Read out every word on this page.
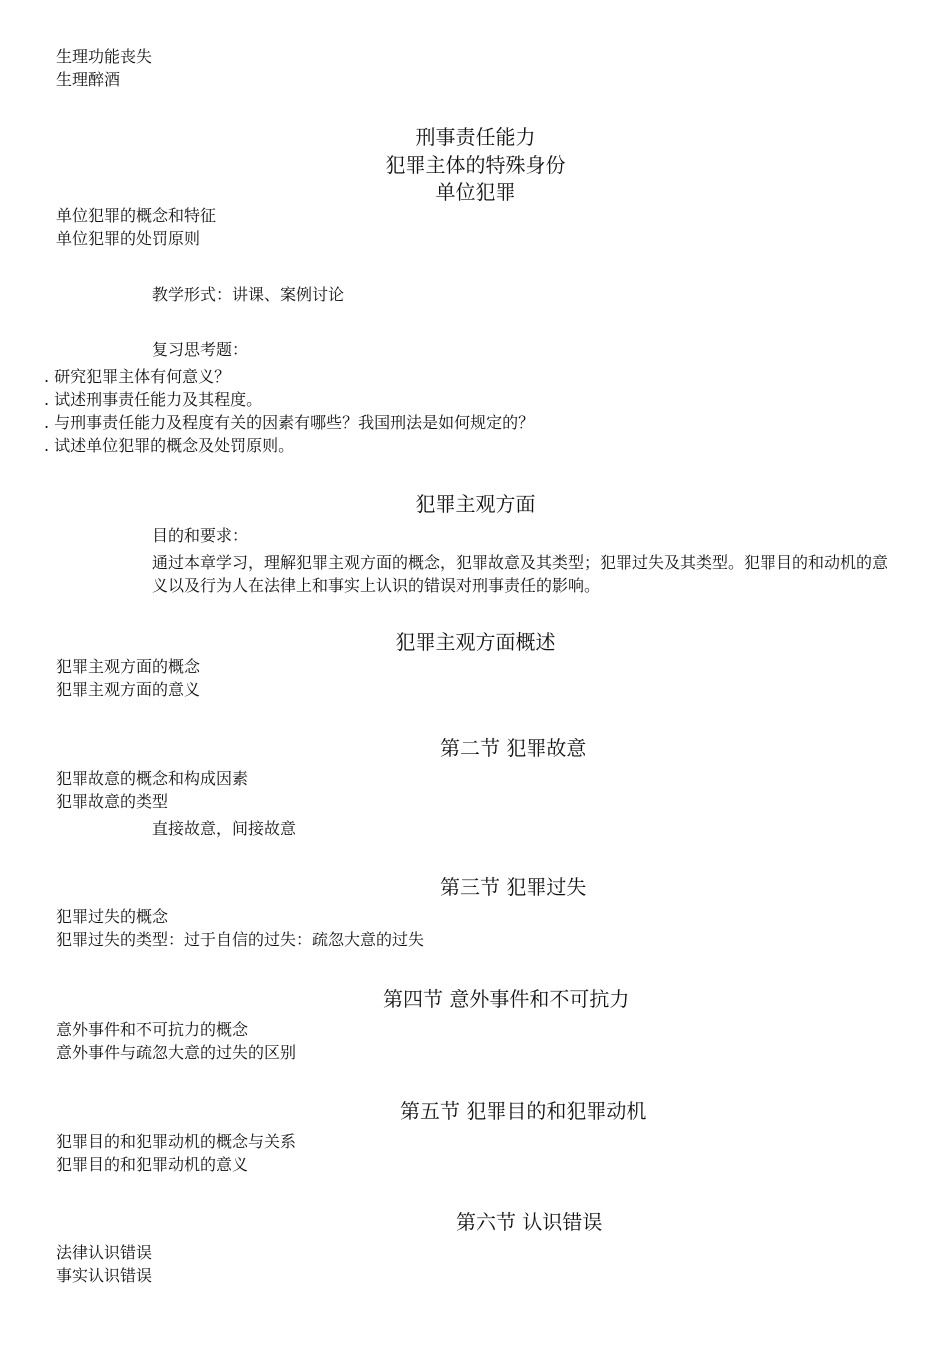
生理功能丧失
生理醉酒
刑事责任能力
犯罪主体的特殊身份
单位犯罪
单位犯罪的概念和特征
单位犯罪的处罚原则
教学形式：讲课、案例讨论
复习思考题：
. 研究犯罪主体有何意义？
. 试述刑事责任能力及其程度。
. 与刑事责任能力及程度有关的因素有哪些？我国刑法是如何规定的？
. 试述单位犯罪的概念及处罚原则。
犯罪主观方面
目的和要求：
通过本章学习，理解犯罪主观方面的概念，犯罪故意及其类型；犯罪过失及其类型。犯罪目的和动机的意义以及行为人在法律上和事实上认识的错误对刑事责任的影响。
犯罪主观方面概述
犯罪主观方面的概念
犯罪主观方面的意义
第二节 犯罪故意
犯罪故意的概念和构成因素
犯罪故意的类型
直接故意，间接故意
第三节 犯罪过失
犯罪过失的概念
犯罪过失的类型：过于自信的过失：疏忽大意的过失
第四节 意外事件和不可抗力
意外事件和不可抗力的概念
意外事件与疏忽大意的过失的区别
第五节 犯罪目的和犯罪动机
犯罪目的和犯罪动机的概念与关系
犯罪目的和犯罪动机的意义
第六节 认识错误
法律认识错误
事实认识错误
